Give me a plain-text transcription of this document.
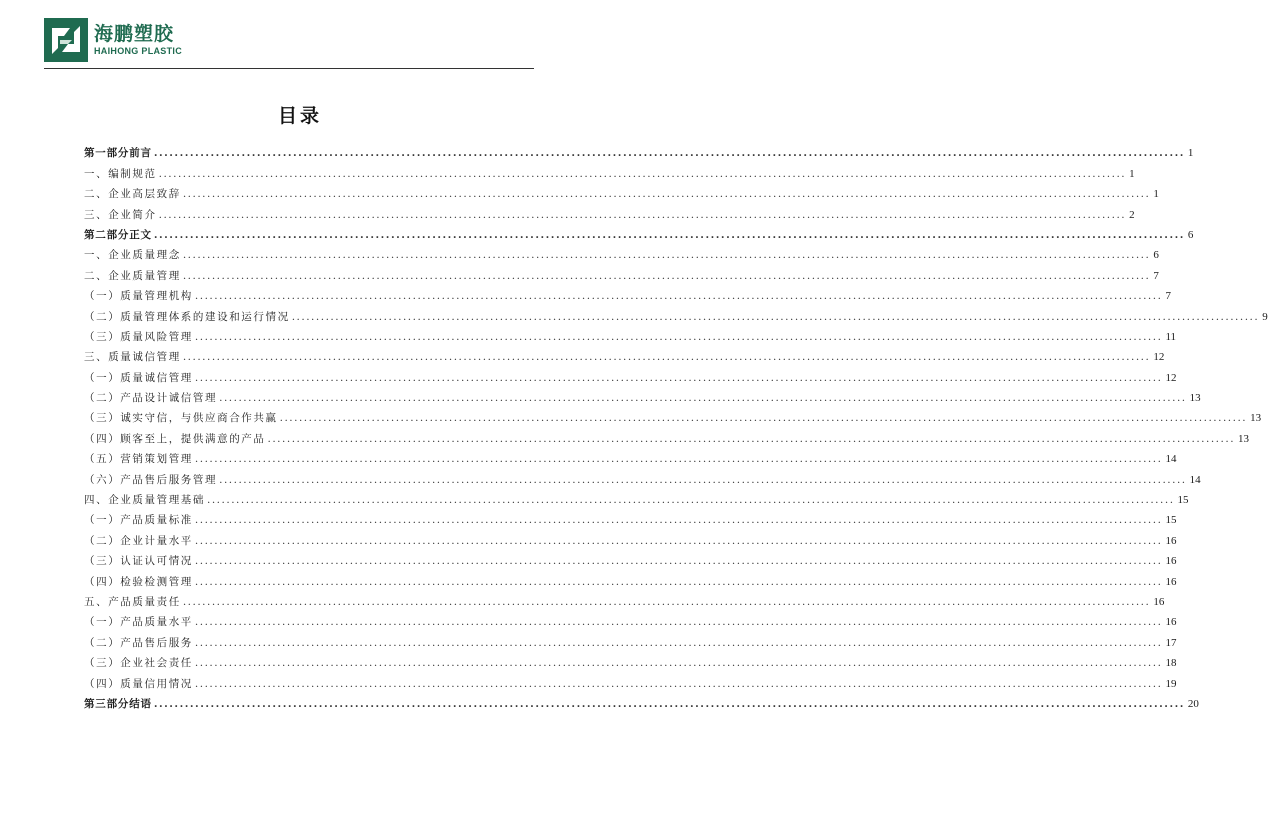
海鹏塑胶
HAIHONG PLASTIC
目录
第一部分前言 ........................................................................................................................................................................................................ 1
一、编制规范 ........................................................................................................................................................................................................ 1
二、企业高层致辞 ........................................................................................................................................................................................................ 1
三、企业简介 ........................................................................................................................................................................................................ 2
第二部分正文 ........................................................................................................................................................................................................ 6
一、企业质量理念 ........................................................................................................................................................................................................ 6
二、企业质量管理 ........................................................................................................................................................................................................ 7
（一）质量管理机构 ........................................................................................................................................................................................................ 7
（二）质量管理体系的建设和运行情况 ........................................................................................................................................................................................................ 9
（三）质量风险管理 ........................................................................................................................................................................................................ 11
三、质量诚信管理 ........................................................................................................................................................................................................ 12
（一）质量诚信管理 ........................................................................................................................................................................................................ 12
（二）产品设计诚信管理 ........................................................................................................................................................................................................ 13
（三）诚实守信，与供应商合作共赢 ........................................................................................................................................................................................................ 13
（四）顾客至上，提供满意的产品 ........................................................................................................................................................................................................ 13
（五）营销策划管理 ........................................................................................................................................................................................................ 14
（六）产品售后服务管理 ........................................................................................................................................................................................................ 14
四、企业质量管理基础 ........................................................................................................................................................................................................ 15
（一）产品质量标准 ........................................................................................................................................................................................................ 15
（二）企业计量水平 ........................................................................................................................................................................................................ 16
（三）认证认可情况 ........................................................................................................................................................................................................ 16
（四）检验检测管理 ........................................................................................................................................................................................................ 16
五、产品质量责任 ........................................................................................................................................................................................................ 16
（一）产品质量水平 ........................................................................................................................................................................................................ 16
（二）产品售后服务 ........................................................................................................................................................................................................ 17
（三）企业社会责任 ........................................................................................................................................................................................................ 18
（四）质量信用情况 ........................................................................................................................................................................................................ 19
第三部分结语 ........................................................................................................................................................................................................ 20
